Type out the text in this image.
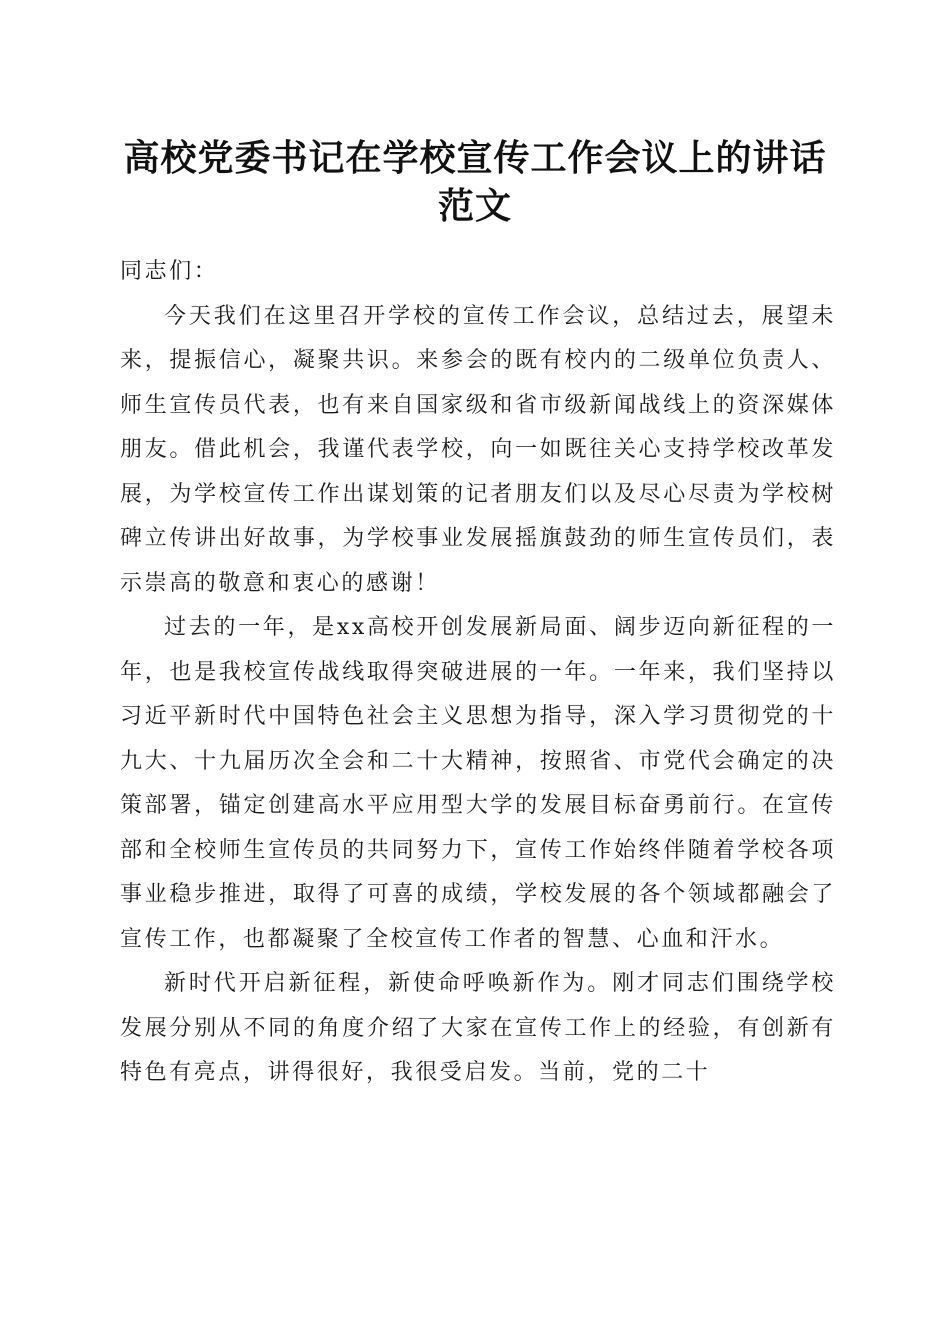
高校党委书记在学校宣传工作会议上的讲话范文

同志们：

今天我们在这里召开学校的宣传工作会议，总结过去，展望未来，提振信心，凝聚共识。来参会的既有校内的二级单位负责人、师生宣传员代表，也有来自国家级和省市级新闻战线上的资深媒体朋友。借此机会，我谨代表学校，向一如既往关心支持学校改革发展，为学校宣传工作出谋划策的记者朋友们以及尽心尽责为学校树碑立传讲出好故事，为学校事业发展摇旗鼓劲的师生宣传员们，表示崇高的敬意和衷心的感谢！

过去的一年，是xx高校开创发展新局面、阔步迈向新征程的一年，也是我校宣传战线取得突破进展的一年。一年来，我们坚持以习近平新时代中国特色社会主义思想为指导，深入学习贯彻党的十九大、十九届历次全会和二十大精神，按照省、市党代会确定的决策部署，锚定创建高水平应用型大学的发展目标奋勇前行。在宣传部和全校师生宣传员的共同努力下，宣传工作始终伴随着学校各项事业稳步推进，取得了可喜的成绩，学校发展的各个领域都融会了宣传工作，也都凝聚了全校宣传工作者的智慧、心血和汗水。

新时代开启新征程，新使命呼唤新作为。刚才同志们围绕学校发展分别从不同的角度介绍了大家在宣传工作上的经验，有创新有特色有亮点，讲得很好，我很受启发。当前，党的二十
